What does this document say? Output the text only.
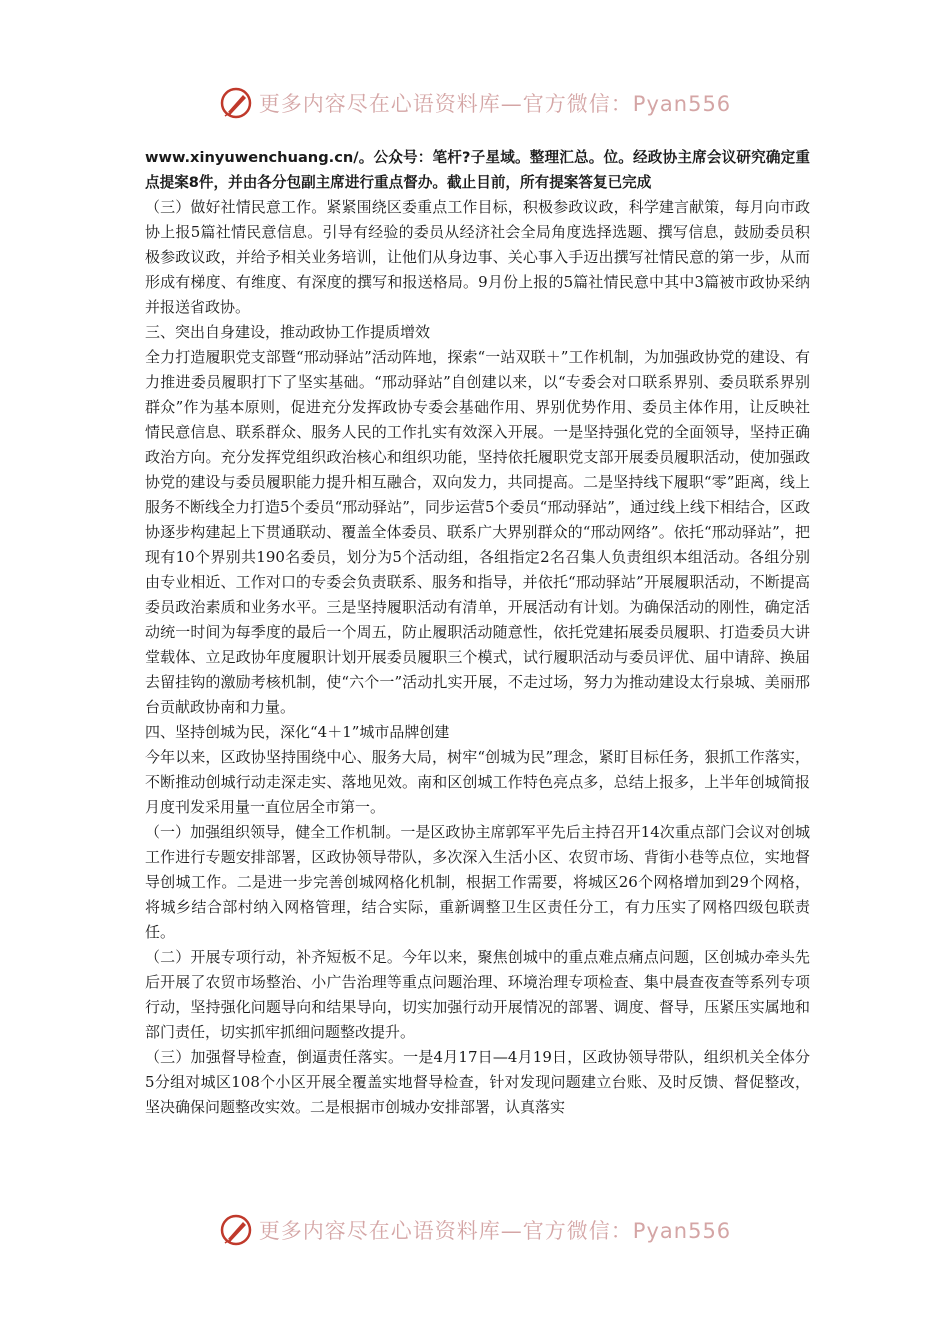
更多内容尽在心语资料库—官方微信：Pyan556

www.xinyuwenchuang.cn/。公众号：笔杆?子星域。整理汇总。位。经政协主席会议研究确定重点提案8件，并由各分包副主席进行重点督办。截止目前，所有提案答复已完成

（三）做好社情民意工作。紧紧围绕区委重点工作目标，积极参政议政，科学建言献策，每月向市政协上报5篇社情民意信息。引导有经验的委员从经济社会全局角度选择选题、撰写信息，鼓励委员积极参政议政，并给予相关业务培训，让他们从身边事、关心事入手迈出撰写社情民意的第一步，从而形成有梯度、有维度、有深度的撰写和报送格局。9月份上报的5篇社情民意中其中3篇被市政协采纳并报送省政协。

三、突出自身建设，推动政协工作提质增效

全力打造履职党支部暨“邢动驿站”活动阵地，探索“一站双联＋”工作机制，为加强政协党的建设、有力推进委员履职打下了坚实基础。“邢动驿站”自创建以来，以“专委会对口联系界别、委员联系界别群众”作为基本原则，促进充分发挥政协专委会基础作用、界别优势作用、委员主体作用，让反映社情民意信息、联系群众、服务人民的工作扎实有效深入开展。一是坚持强化党的全面领导，坚持正确政治方向。充分发挥党组织政治核心和组织功能，坚持依托履职党支部开展委员履职活动，使加强政协党的建设与委员履职能力提升相互融合，双向发力，共同提高。二是坚持线下履职“零”距离，线上服务不断线全力打造5个委员“邢动驿站”，同步运营5个委员“邢动驿站”，通过线上线下相结合，区政协逐步构建起上下贯通联动、覆盖全体委员、联系广大界别群众的“邢动网络”。依托“邢动驿站”，把现有10个界别共190名委员，划分为5个活动组，各组指定2名召集人负责组织本组活动。各组分别由专业相近、工作对口的专委会负责联系、服务和指导，并依托“邢动驿站”开展履职活动，不断提高委员政治素质和业务水平。三是坚持履职活动有清单，开展活动有计划。为确保活动的刚性，确定活动统一时间为每季度的最后一个周五，防止履职活动随意性，依托党建拓展委员履职、打造委员大讲堂载体、立足政协年度履职计划开展委员履职三个模式，试行履职活动与委员评优、届中请辞、换届去留挂钩的激励考核机制，使“六个一”活动扎实开展，不走过场，努力为推动建设太行泉城、美丽邢台贡献政协南和力量。

四、坚持创城为民，深化“4＋1”城市品牌创建

今年以来，区政协坚持围绕中心、服务大局，树牢“创城为民”理念，紧盯目标任务，狠抓工作落实，不断推动创城行动走深走实、落地见效。南和区创城工作特色亮点多，总结上报多，上半年创城简报月度刊发采用量一直位居全市第一。

（一）加强组织领导，健全工作机制。一是区政协主席郭军平先后主持召开14次重点部门会议对创城工作进行专题安排部署，区政协领导带队，多次深入生活小区、农贸市场、背街小巷等点位，实地督导创城工作。二是进一步完善创城网格化机制，根据工作需要，将城区26个网格增加到29个网格，将城乡结合部村纳入网格管理，结合实际，重新调整卫生区责任分工，有力压实了网格四级包联责任。

（二）开展专项行动，补齐短板不足。今年以来，聚焦创城中的重点难点痛点问题，区创城办牵头先后开展了农贸市场整治、小广告治理等重点问题治理、环境治理专项检查、集中晨查夜查等系列专项行动，坚持强化问题导向和结果导向，切实加强行动开展情况的部署、调度、督导，压紧压实属地和部门责任，切实抓牢抓细问题整改提升。

（三）加强督导检查，倒逼责任落实。一是4月17日—4月19日，区政协领导带队，组织机关全体分5分组对城区108个小区开展全覆盖实地督导检查，针对发现问题建立台账、及时反馈、督促整改，坚决确保问题整改实效。二是根据市创城办安排部署，认真落实

更多内容尽在心语资料库—官方微信：Pyan556
